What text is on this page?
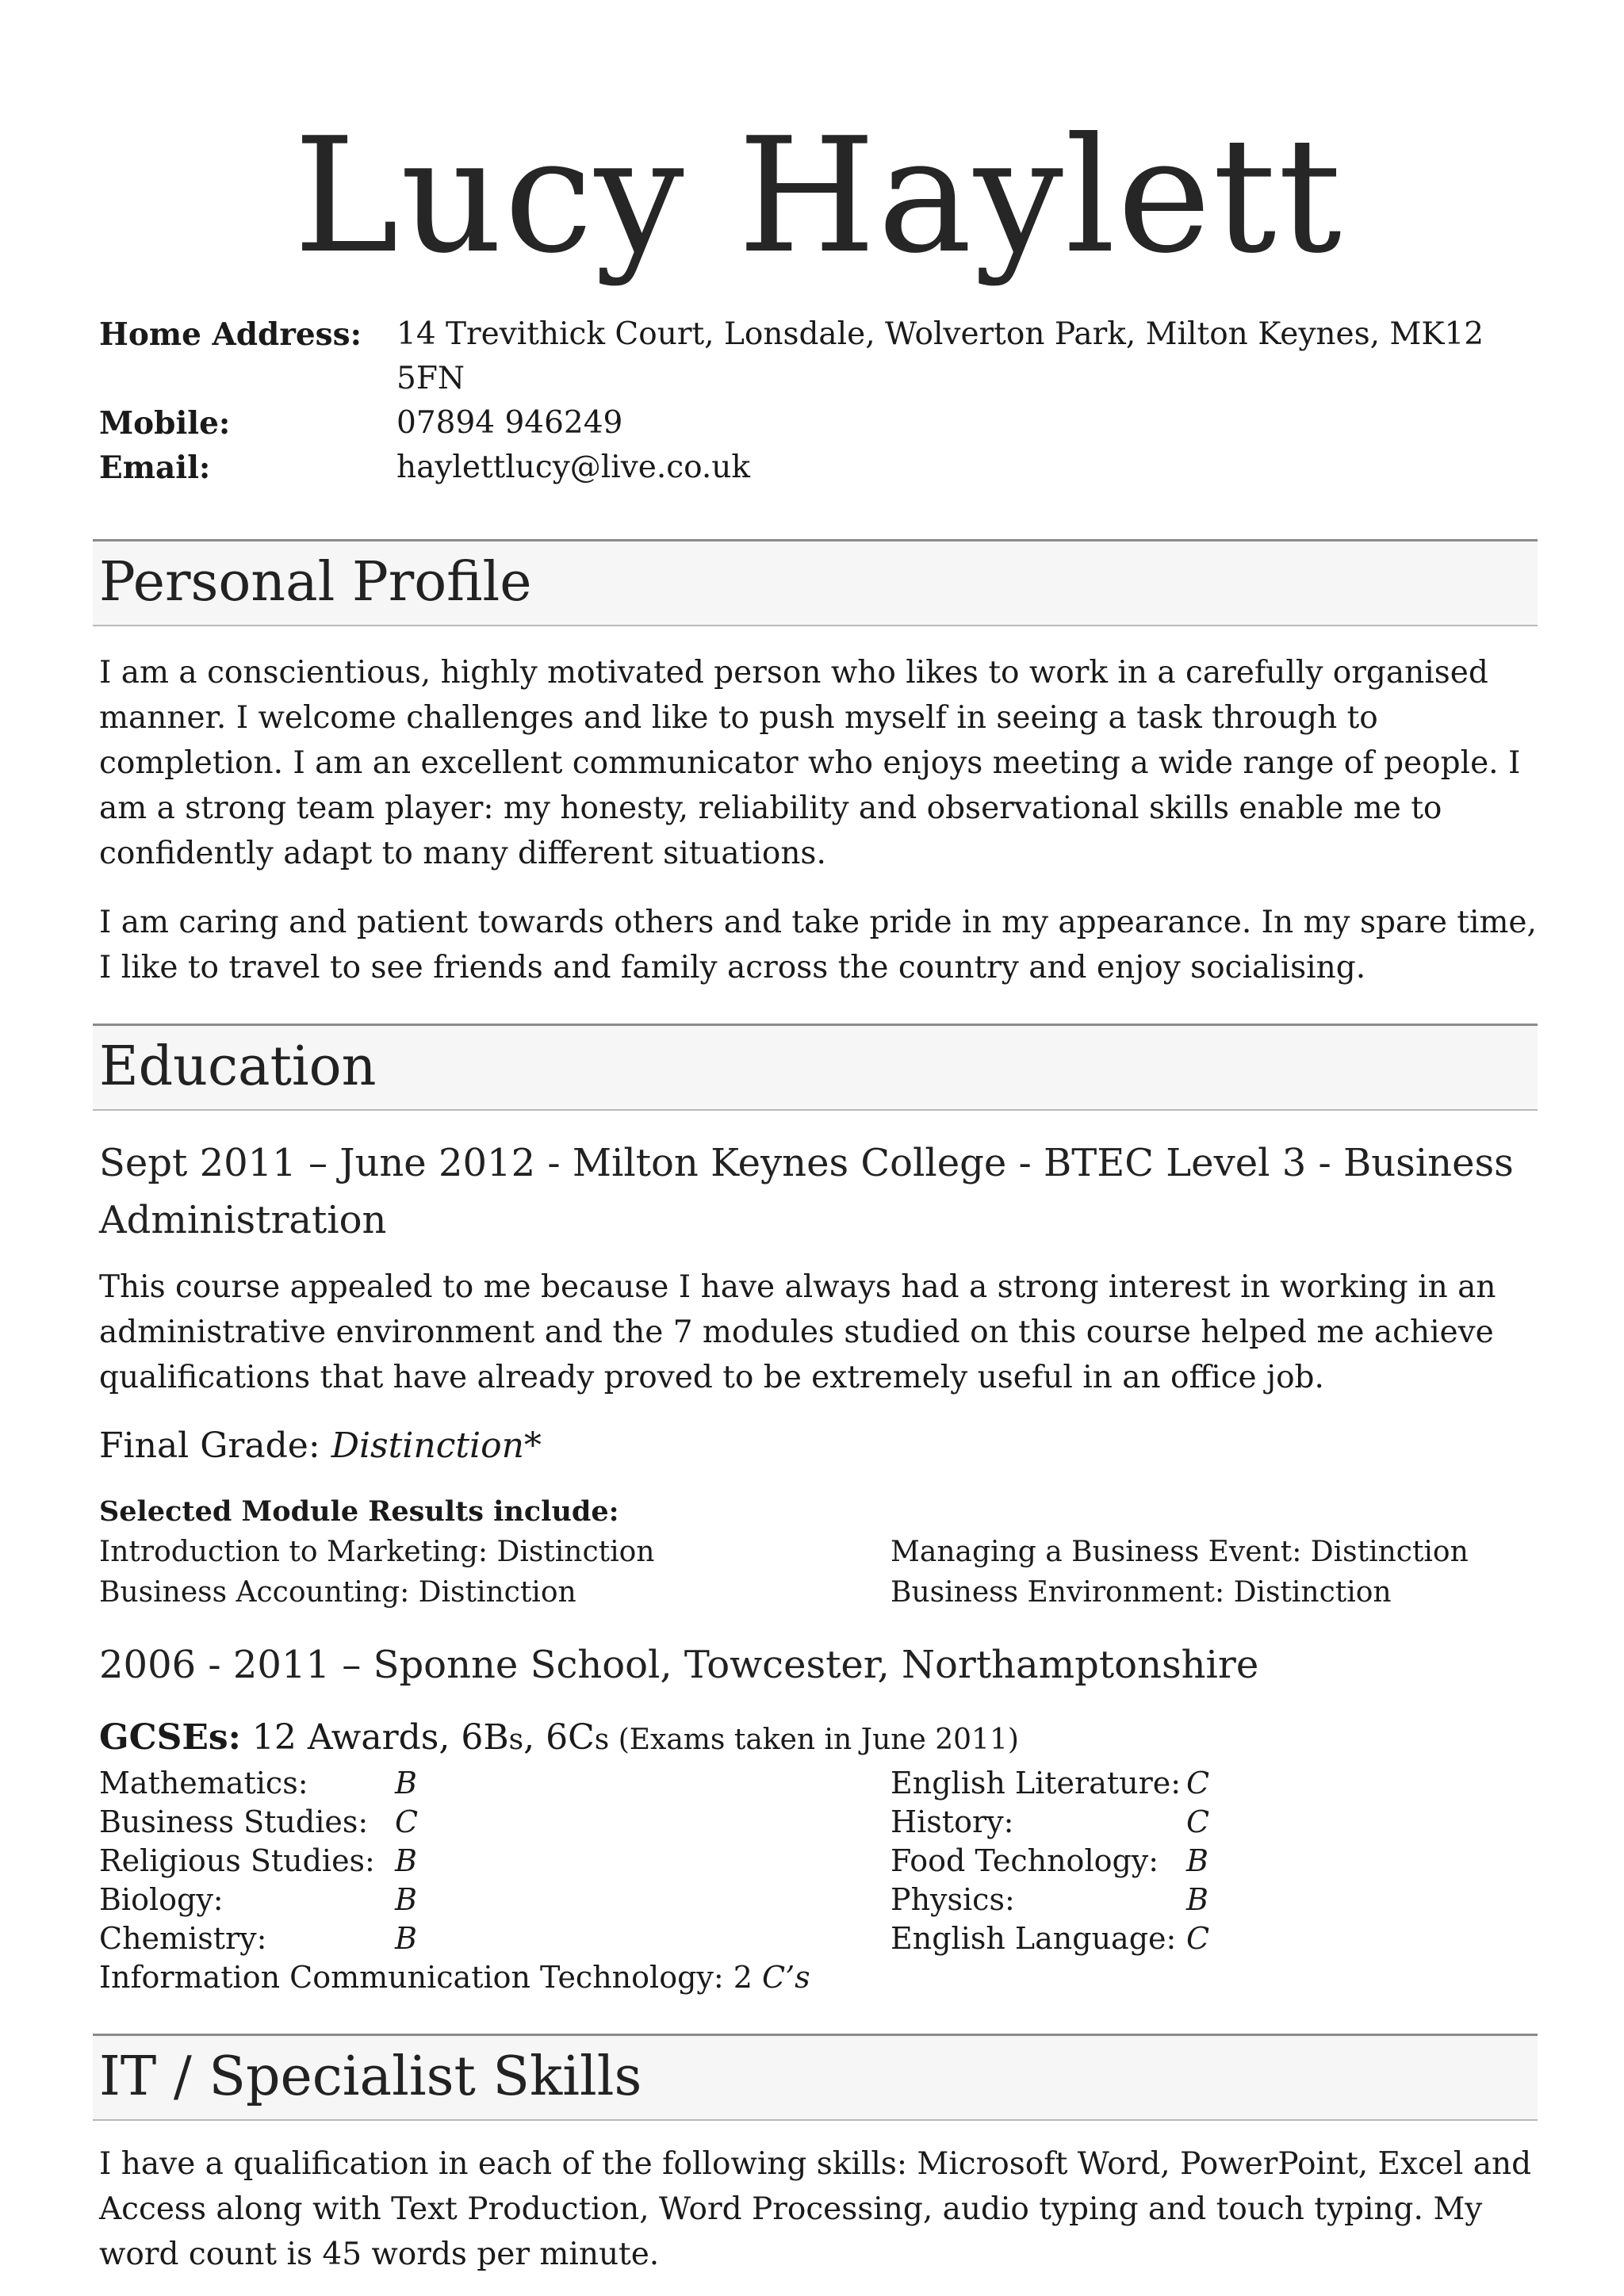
Lucy Haylett
Home Address:	14 Trevithick Court, Lonsdale, Wolverton Park, Milton Keynes, MK12 5FN
Mobile:	07894 946249
Email:	haylettlucy@live.co.uk
Personal Profile

I am a conscientious, highly motivated person who likes to work in a carefully organised manner. I welcome challenges and like to push myself in seeing a task through to completion. I am an excellent communicator who enjoys meeting a wide range of people. I am a strong team player: my honesty, reliability and observational skills enable me to confidently adapt to many different situations.

I am caring and patient towards others and take pride in my appearance. In my spare time, I like to travel to see friends and family across the country and enjoy socialising.

Education
Sept 2011 – June 2012 - Milton Keynes College - BTEC Level 3 - Business Administration

This course appealed to me because I have always had a strong interest in working in an administrative environment and the 7 modules studied on this course helped me achieve qualifications that have already proved to be extremely useful in an office job.

Final Grade: Distinction*
Selected Module Results include:
Introduction to Marketing: Distinction	Managing a Business Event: Distinction
Business Accounting: Distinction	Business Environment: Distinction
2006 - 2011 – Sponne School, Towcester, Northamptonshire
GCSEs: 12 Awards, 6Bs, 6Cs (Exams taken in June 2011)
Mathematics:	B	English Literature: C
Business Studies: C	History:	C
Religious Studies: B	Food Technology: B
Biology:	B	Physics:	B
Chemistry:	B	English Language: C
Information Communication Technology: 2 C’s
IT / Specialist Skills

I have a qualification in each of the following skills: Microsoft Word, PowerPoint, Excel and Access along with Text Production, Word Processing, audio typing and touch typing. My word count is 45 words per minute.
